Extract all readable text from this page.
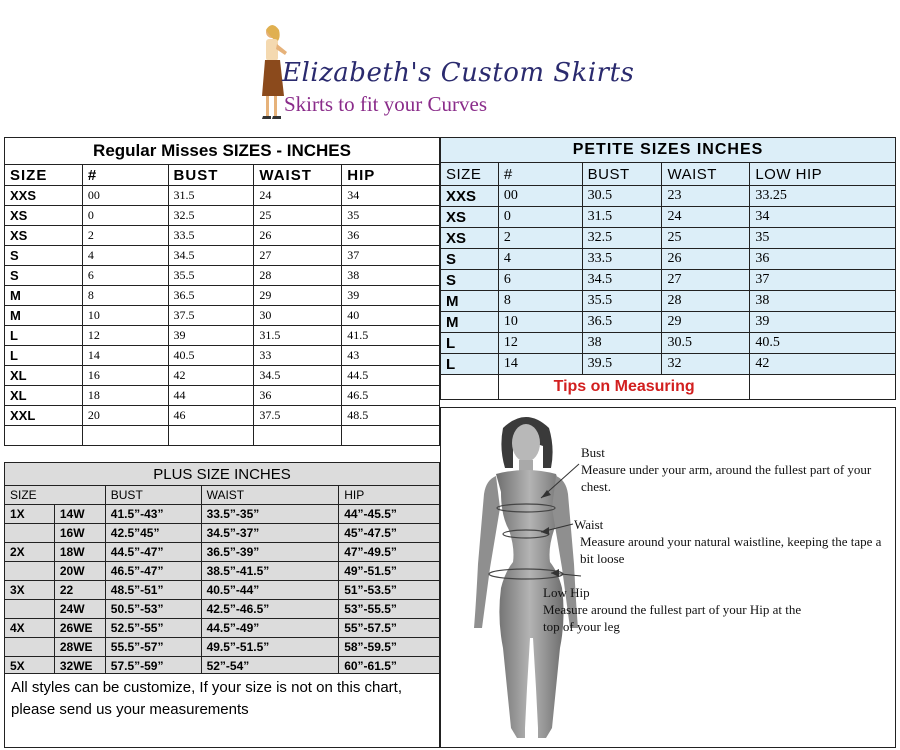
Elizabeth's Custom Skirts
Skirts to fit your Curves
Regular Misses SIZES - INCHES				
SIZE	#	BUST	WAIST	HIP
XXS	00	31.5	24	34
XS	0	32.5	25	35
XS	2	33.5	26	36
S	4	34.5	27	37
S	6	35.5	28	38
M	8	36.5	29	39
M	10	37.5	30	40
L	12	39	31.5	41.5
L	14	40.5	33	43
XL	16	42	34.5	44.5
XL	18	44	36	46.5
XXL	20	46	37.5	48.5

PETITE SIZES INCHES				
SIZE	#	BUST	WAIST	LOW HIP
XXS	00	30.5	23	33.25
XS	0	31.5	24	34
XS	2	32.5	25	35
S	4	33.5	26	36
S	6	34.5	27	37
M	8	35.5	28	38
M	10	36.5	29	39
L	12	38	30.5	40.5
L	14	39.5	32	42
	Tips on Measuring			
PLUS SIZE INCHES				
SIZE		BUST	WAIST	HIP
1X	14W	41.5”-43”	33.5”-35”	44”-45.5”
	16W	42.5”45”	34.5”-37”	45”-47.5”
2X	18W	44.5”-47”	36.5”-39”	47”-49.5”
	20W	46.5”-47”	38.5”-41.5”	49”-51.5”
3X	22	48.5”-51”	40.5”-44”	51”-53.5”
	24W	50.5”-53”	42.5”-46.5”	53”-55.5”
4X	26WE	52.5”-55”	44.5”-49”	55”-57.5”
	28WE	55.5”-57”	49.5”-51.5”	58”-59.5”
5X	32WE	57.5”-59”	52”-54”	60”-61.5”
All styles can be customize, If your size is not on this chart, please send us your measurements
Bust
Measure under your arm, around the fullest part of your chest.
Waist
Measure around your natural waistline, keeping the tape a bit loose
Low Hip
Measure around the fullest part of your Hip at the top of your leg
